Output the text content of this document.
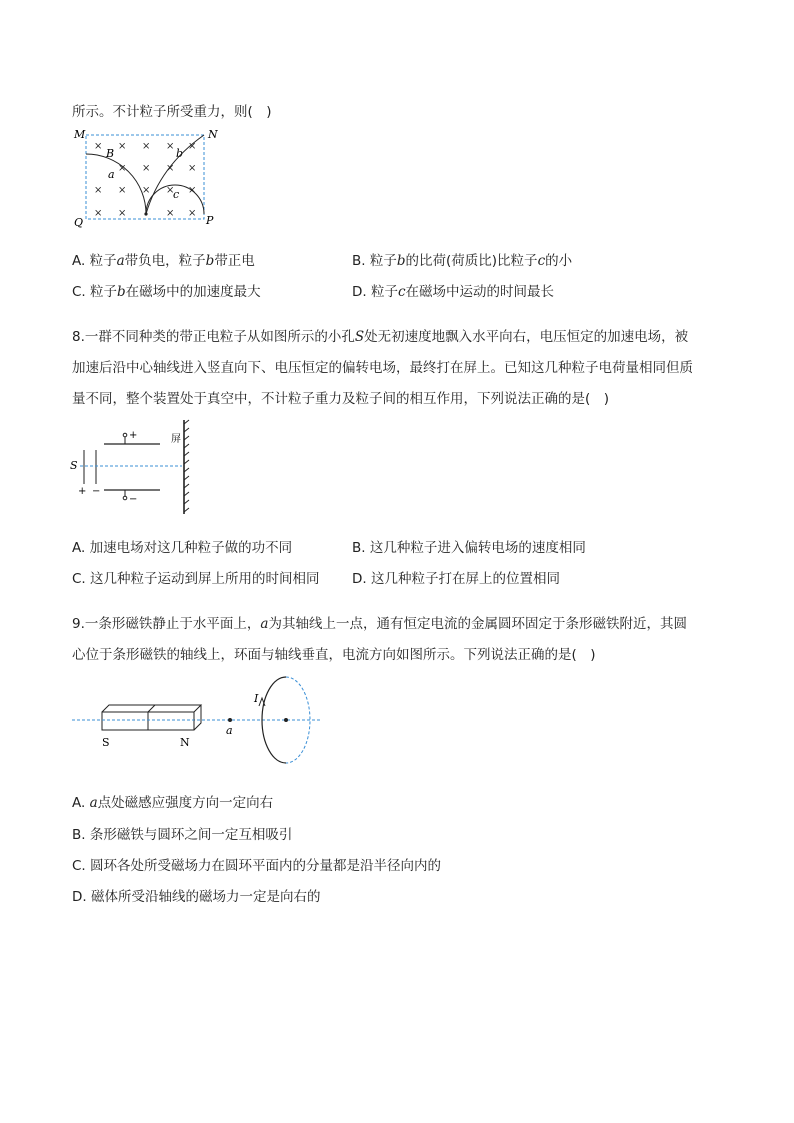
所示。不计粒子所受重力，则(　)
M	N
Q	P
B
a
b
c
× × × × ×
× × × ×
× × × × ×
× ×	× ×
A. 粒子a带负电，粒子b带正电	B. 粒子b的比荷(荷质比)比粒子c的小
C. 粒子b在磁场中的加速度最大	D. 粒子c在磁场中运动的时间最长
8.一群不同种类的带正电粒子从如图所示的小孔S处无初速度地飘入水平向右，电压恒定的加速电场，被
加速后沿中心轴线进入竖直向下、电压恒定的偏转电场，最终打在屏上。已知这几种粒子电荷量相同但质
量不同，整个装置处于真空中，不计粒子重力及粒子间的相互作用，下列说法正确的是(　)
S
屏
+
−
+ −
A. 加速电场对这几种粒子做的功不同	B. 这几种粒子进入偏转电场的速度相同
C. 这几种粒子运动到屏上所用的时间相同 D. 这几种粒子打在屏上的位置相同
9.一条形磁铁静止于水平面上，a为其轴线上一点，通有恒定电流的金属圆环固定于条形磁铁附近，其圆
心位于条形磁铁的轴线上，环面与轴线垂直，电流方向如图所示。下列说法正确的是(　)
S	N
a
I
A. a点处磁感应强度方向一定向右
B. 条形磁铁与圆环之间一定互相吸引
C. 圆环各处所受磁场力在圆环平面内的分量都是沿半径向内的
D. 磁体所受沿轴线的磁场力一定是向右的
